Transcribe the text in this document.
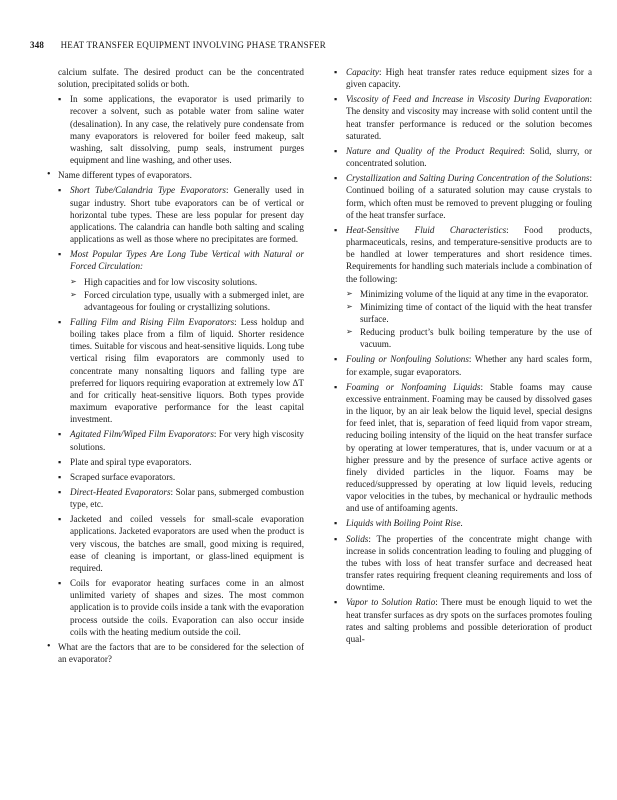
348 HEAT TRANSFER EQUIPMENT INVOLVING PHASE TRANSFER

calcium sulfate. The desired product can be the concentrated solution, precipitated solids or both.

▪ In some applications, the evaporator is used primarily to recover a solvent, such as potable water from saline water (desalination). In any case, the relatively pure condensate from many evaporators is relovered for boiler feed makeup, salt washing, salt dissolving, pump seals, instrument purges equipment and line washing, and other uses.
• Name different types of evaporators.
▪ Short Tube/Calandria Type Evaporators: Generally used in sugar industry. Short tube evaporators can be of vertical or horizontal tube types. These are less popular for present day applications. The calandria can handle both salting and scaling applications as well as those where no precipitates are formed.
▪ Most Popular Types Are Long Tube Vertical with Natural or Forced Circulation:
➢ High capacities and for low viscosity solutions.
➢ Forced circulation type, usually with a submerged inlet, are advantageous for fouling or crystallizing solutions.
▪ Falling Film and Rising Film Evaporators: Less holdup and boiling takes place from a film of liquid. Shorter residence times. Suitable for viscous and heat-sensitive liquids. Long tube vertical rising film evaporators are commonly used to concentrate many nonsalting liquors and falling type are preferred for liquors requiring evaporation at extremely low ΔT and for critically heat-sensitive liquors. Both types provide maximum evaporative performance for the least capital investment.
▪ Agitated Film/Wiped Film Evaporators: For very high viscosity solutions.
▪ Plate and spiral type evaporators.
▪ Scraped surface evaporators.
▪ Direct-Heated Evaporators: Solar pans, submerged combustion type, etc.
▪ Jacketed and coiled vessels for small-scale evaporation applications. Jacketed evaporators are used when the product is very viscous, the batches are small, good mixing is required, ease of cleaning is important, or glass-lined equipment is required.
▪ Coils for evaporator heating surfaces come in an almost unlimited variety of shapes and sizes. The most common application is to provide coils inside a tank with the evaporation process outside the coils. Evaporation can also occur inside coils with the heating medium outside the coil.
• What are the factors that are to be considered for the selection of an evaporator?
▪ Capacity: High heat transfer rates reduce equipment sizes for a given capacity.
▪ Viscosity of Feed and Increase in Viscosity During Evaporation: The density and viscosity may increase with solid content until the heat transfer performance is reduced or the solution becomes saturated.
▪ Nature and Quality of the Product Required: Solid, slurry, or concentrated solution.
▪ Crystallization and Salting During Concentration of the Solutions: Continued boiling of a saturated solution may cause crystals to form, which often must be removed to prevent plugging or fouling of the heat transfer surface.
▪ Heat-Sensitive Fluid Characteristics: Food products, pharmaceuticals, resins, and temperature-sensitive products are to be handled at lower temperatures and short residence times. Requirements for handling such materials include a combination of the following:
➢ Minimizing volume of the liquid at any time in the evaporator.
➢ Minimizing time of contact of the liquid with the heat transfer surface.
➢ Reducing product’s bulk boiling temperature by the use of vacuum.
▪ Fouling or Nonfouling Solutions: Whether any hard scales form, for example, sugar evaporators.
▪ Foaming or Nonfoaming Liquids: Stable foams may cause excessive entrainment. Foaming may be caused by dissolved gases in the liquor, by an air leak below the liquid level, special designs for feed inlet, that is, separation of feed liquid from vapor stream, reducing boiling intensity of the liquid on the heat transfer surface by operating at lower temperatures, that is, under vacuum or at a higher pressure and by the presence of surface active agents or finely divided particles in the liquor. Foams may be reduced/suppressed by operating at low liquid levels, reducing vapor velocities in the tubes, by mechanical or hydraulic methods and use of antifoaming agents.
▪ Liquids with Boiling Point Rise.
▪ Solids: The properties of the concentrate might change with increase in solids concentration leading to fouling and plugging of the tubes with loss of heat transfer surface and decreased heat transfer rates requiring frequent cleaning requirements and loss of downtime.
▪ Vapor to Solution Ratio: There must be enough liquid to wet the heat transfer surfaces as dry spots on the surfaces promotes fouling rates and salting problems and possible deterioration of product qual-
